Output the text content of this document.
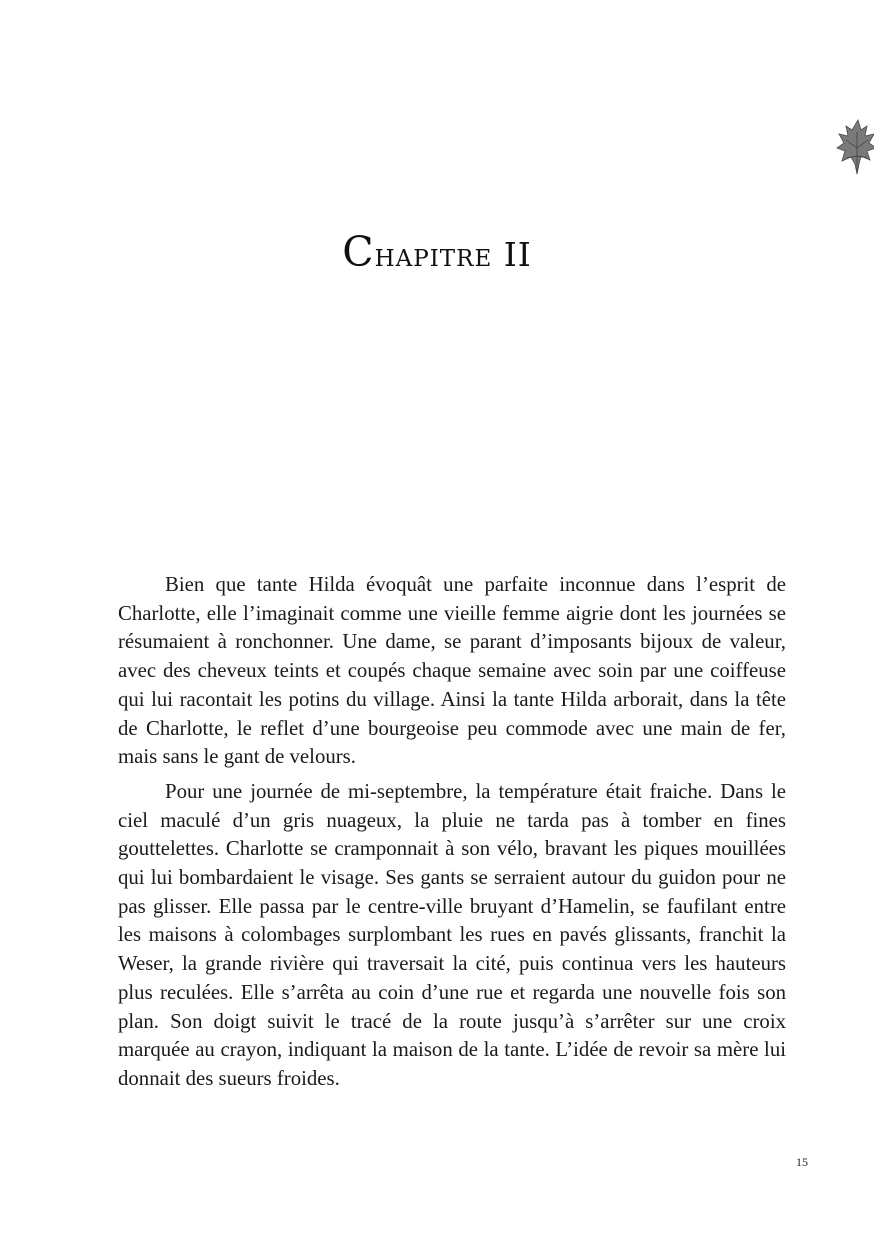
Chapitre II

Bien que tante Hilda évoquât une parfaite inconnue dans l’esprit de Charlotte, elle l’imaginait comme une vieille femme aigrie dont les journées se résumaient à ronchonner. Une dame, se parant d’imposants bijoux de valeur, avec des cheveux teints et coupés chaque semaine avec soin par une coiffeuse qui lui racontait les potins du village. Ainsi la tante Hilda arborait, dans la tête de Charlotte, le reflet d’une bourgeoise peu commode avec une main de fer, mais sans le gant de velours.

Pour une journée de mi-septembre, la température était fraiche. Dans le ciel maculé d’un gris nuageux, la pluie ne tarda pas à tomber en fines gouttelettes. Charlotte se cramponnait à son vélo, bravant les piques mouillées qui lui bombardaient le visage. Ses gants se serraient autour du guidon pour ne pas glisser. Elle passa par le centre-ville bruyant d’Hamelin, se faufilant entre les maisons à colombages surplombant les rues en pavés glissants, franchit la Weser, la grande rivière qui traversait la cité, puis continua vers les hauteurs plus reculées. Elle s’arrêta au coin d’une rue et regarda une nouvelle fois son plan. Son doigt suivit le tracé de la route jusqu’à s’arrêter sur une croix marquée au crayon, indiquant la maison de la tante. L’idée de revoir sa mère lui donnait des sueurs froides.

15
